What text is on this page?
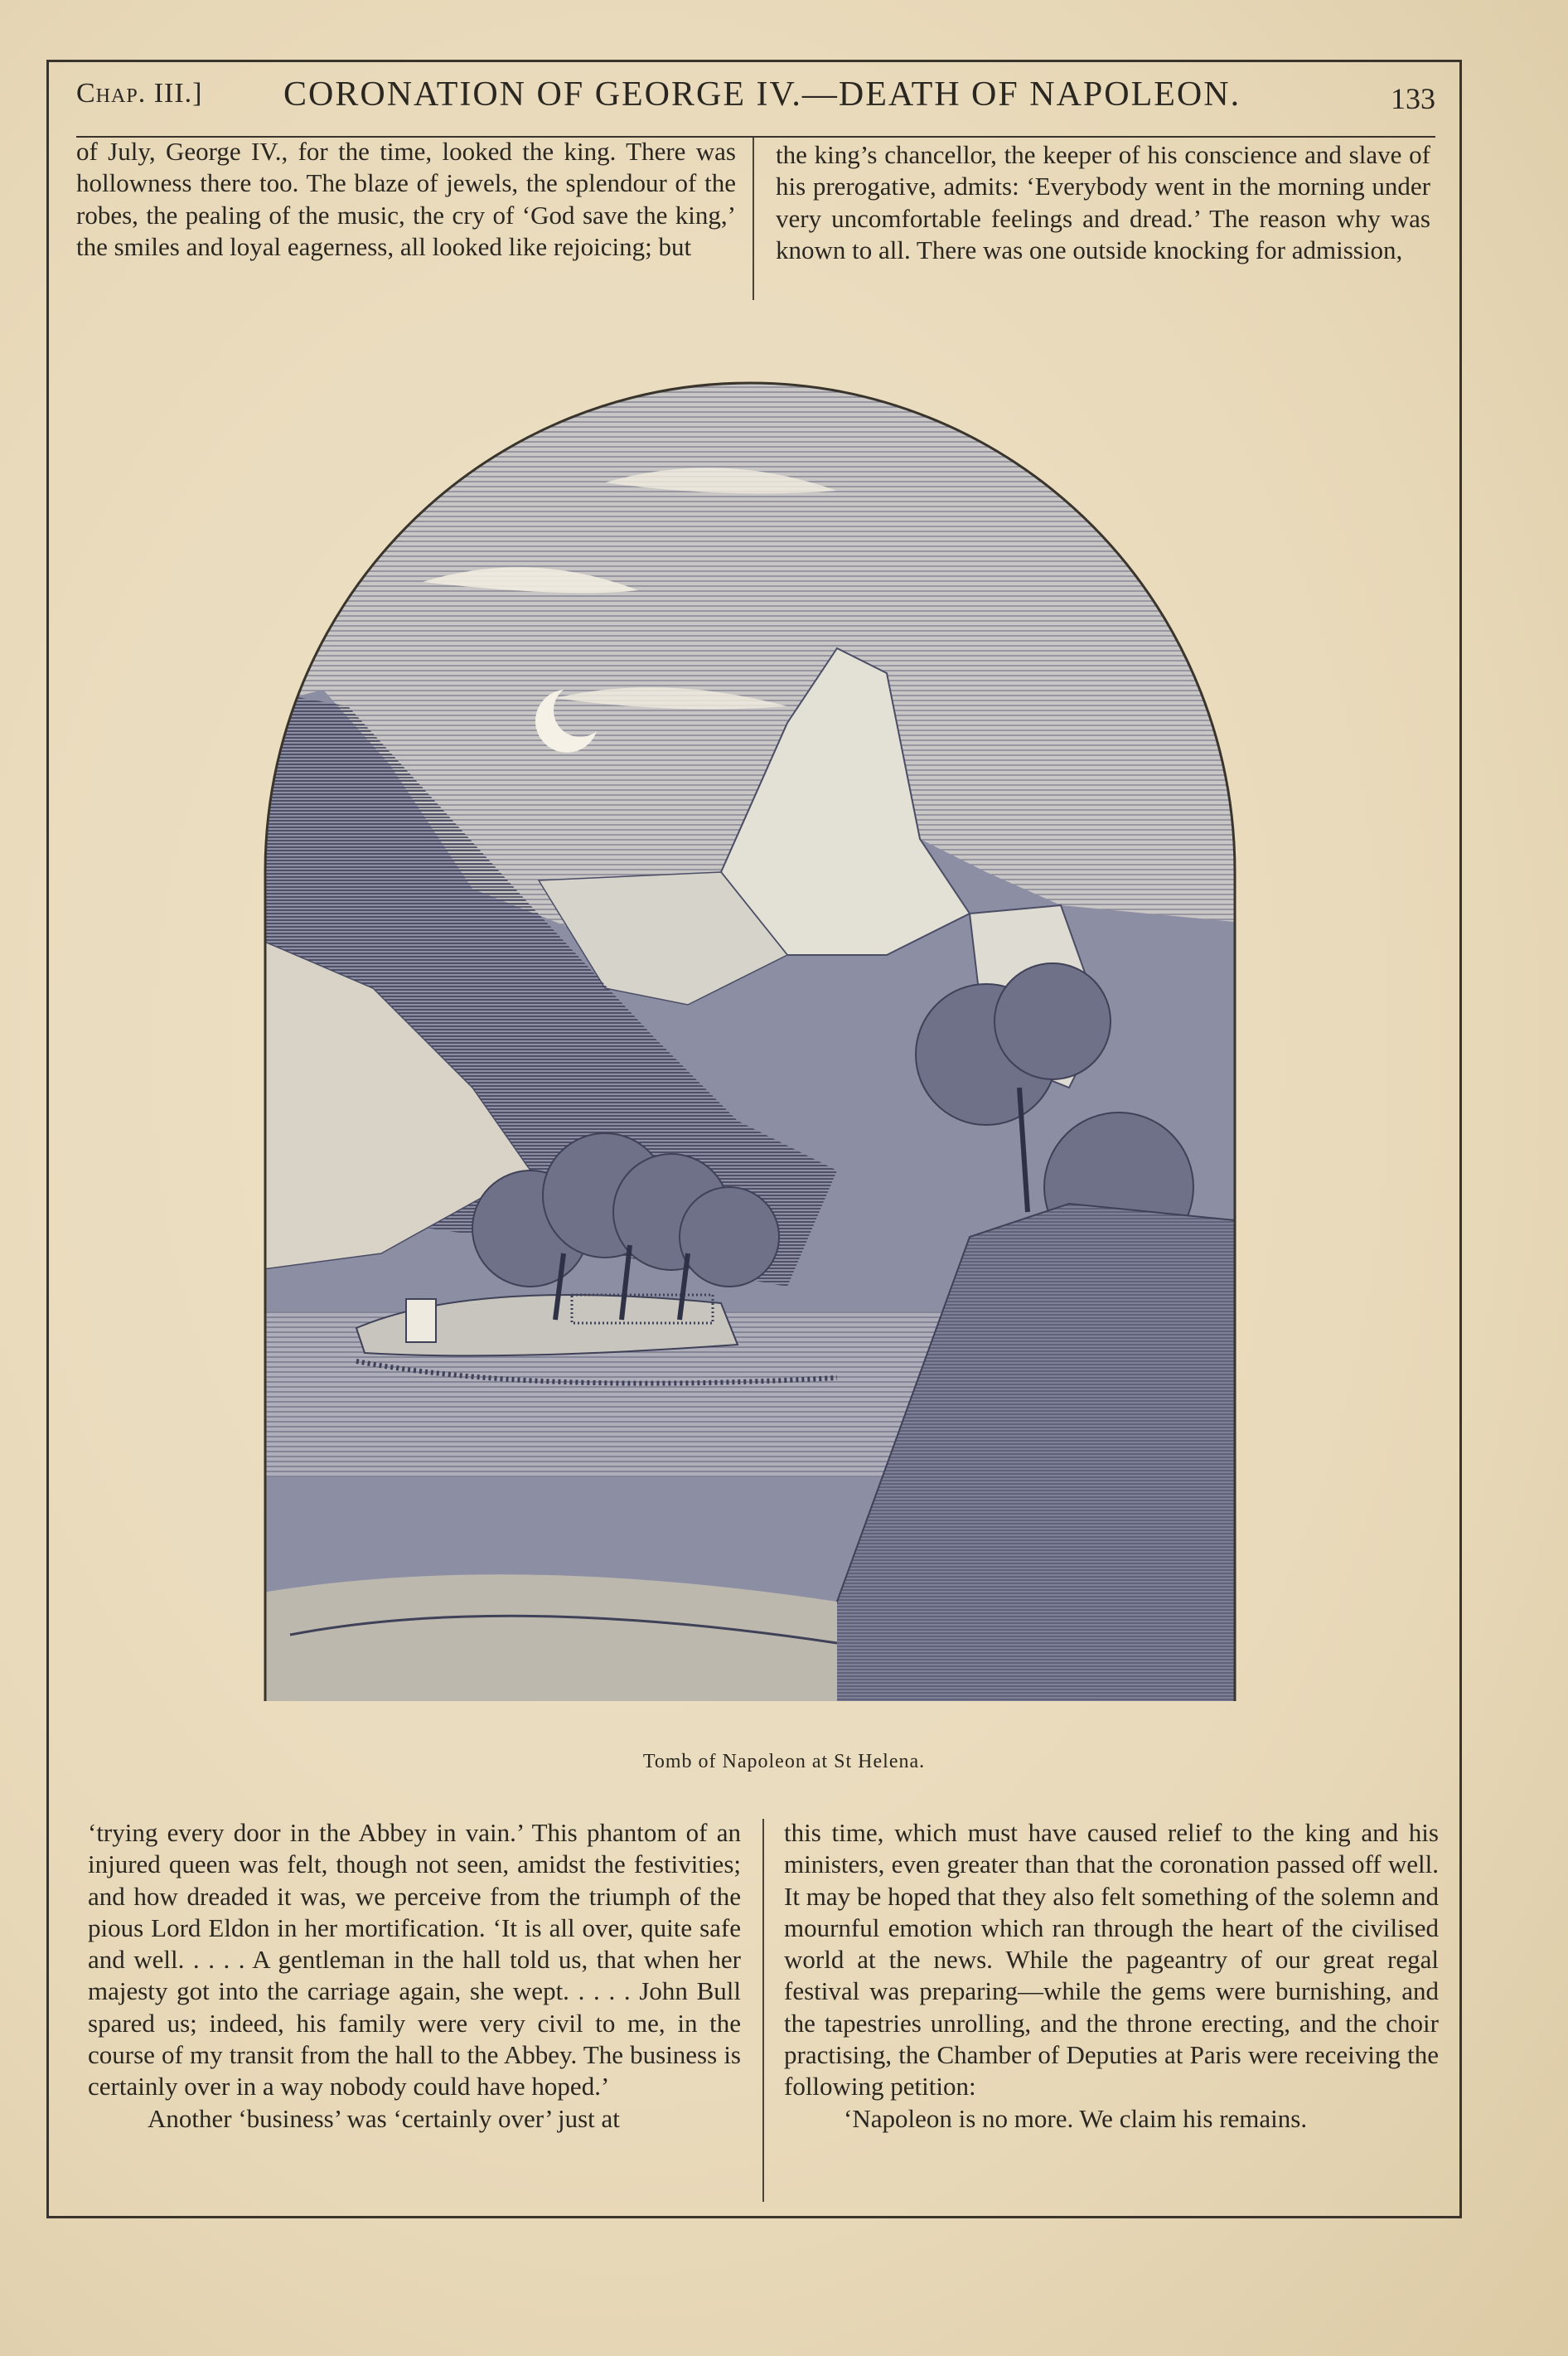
Chap. III.] CORONATION OF GEORGE IV.—DEATH OF NAPOLEON.	133

of July, George IV., for the time, looked the king. There was hollowness there too. The blaze of jewels, the splendour of the robes, the pealing of the music, the cry of ‘God save the king,’ the smiles and loyal eagerness, all looked like rejoicing; but

the king’s chancellor, the keeper of his conscience and slave of his prerogative, admits: ‘Everybody went in the morning under very uncomfortable feelings and dread.’ The reason why was known to all. There was one outside knocking for admission,

Tomb of Napoleon at St Helena.

‘trying every door in the Abbey in vain.’ This phantom of an injured queen was felt, though not seen, amidst the festivities; and how dreaded it was, we perceive from the triumph of the pious Lord Eldon in her mortification. ‘It is all over, quite safe and well. . . . . A gentleman in the hall told us, that when her majesty got into the carriage again, she wept. . . . . John Bull spared us; indeed, his family were very civil to me, in the course of my transit from the hall to the Abbey. The business is certainly over in a way nobody could have hoped.’

Another ‘business’ was ‘certainly over’ just at

this time, which must have caused relief to the king and his ministers, even greater than that the coronation passed off well. It may be hoped that they also felt something of the solemn and mournful emotion which ran through the heart of the civilised world at the news. While the pageantry of our great regal festival was preparing—while the gems were burnishing, and the tapestries unrolling, and the throne erecting, and the choir practising, the Chamber of Deputies at Paris were receiving the following petition:

‘Napoleon is no more. We claim his remains.
